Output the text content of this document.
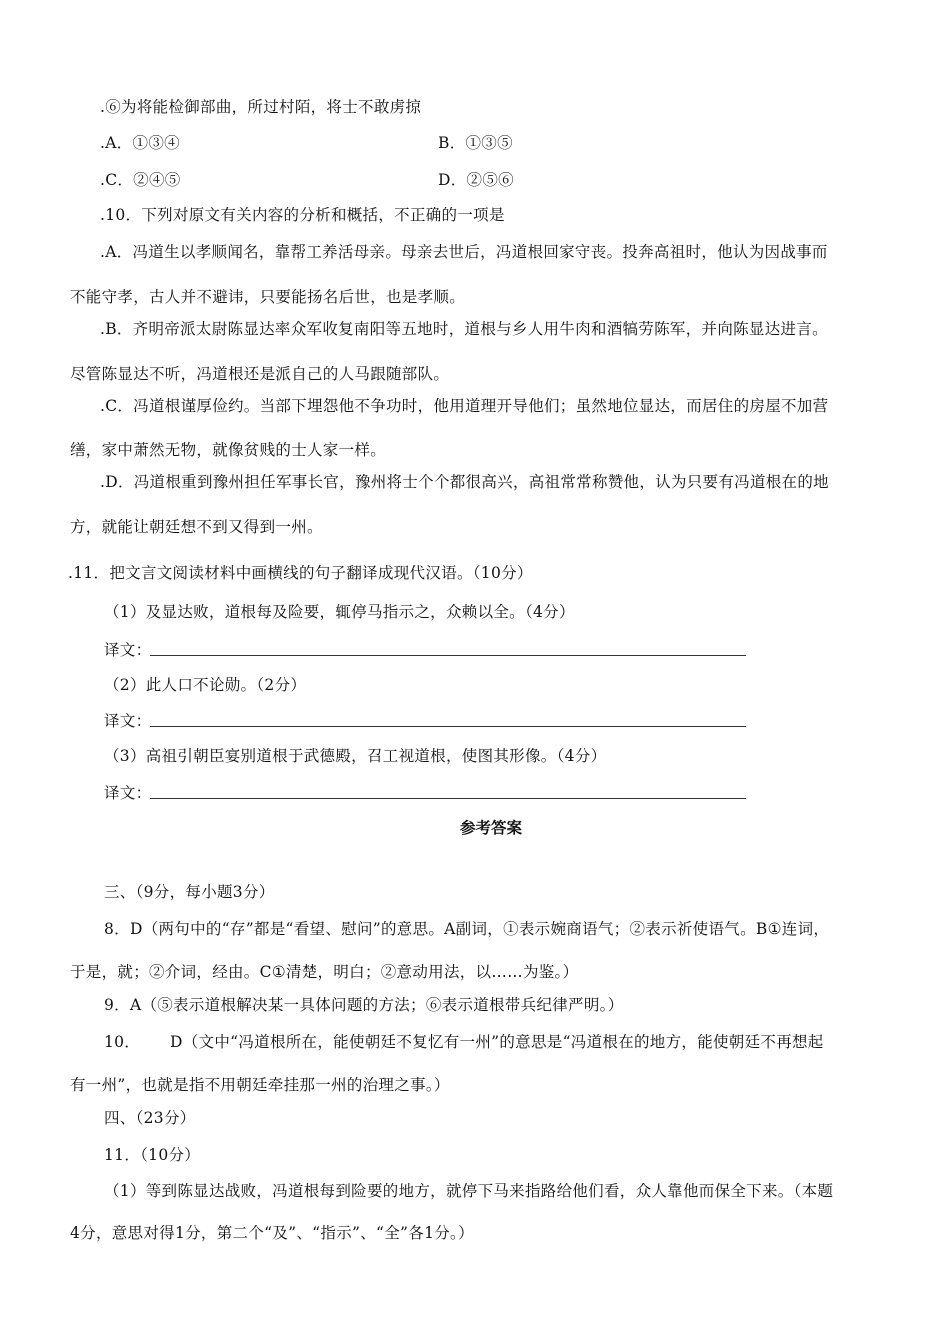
.⑥为将能检御部曲，所过村陌，将士不敢虏掠
.A．①③④	B．①③⑤
.C．②④⑤	D．②⑤⑥
.10．下列对原文有关内容的分析和概括，不正确的一项是
.A．冯道生以孝顺闻名，靠帮工养活母亲。母亲去世后，冯道根回家守丧。投奔高祖时，他认为因战事而
不能守孝，古人并不避讳，只要能扬名后世，也是孝顺。
.B．齐明帝派太尉陈显达率众军收复南阳等五地时，道根与乡人用牛肉和酒犒劳陈军，并向陈显达进言。
尽管陈显达不听，冯道根还是派自己的人马跟随部队。
.C．冯道根谨厚俭约。当部下埋怨他不争功时，他用道理开导他们；虽然地位显达，而居住的房屋不加营
缮，家中萧然无物，就像贫贱的士人家一样。
.D．冯道根重到豫州担任军事长官，豫州将士个个都很高兴，高祖常常称赞他，认为只要有冯道根在的地
方，就能让朝廷想不到又得到一州。
.11．把文言文阅读材料中画横线的句子翻译成现代汉语。（10分）
（1）及显达败，道根每及险要，辄停马指示之，众赖以全。（4分）
译文：
（2）此人口不论勋。（2分）
译文：
（3）高祖引朝臣宴别道根于武德殿，召工视道根，使图其形像。（4分）
译文：
参考答案
三、（9分，每小题3分）
8．D（两句中的“存”都是“看望、慰问”的意思。A副词，①表示婉商语气；②表示祈使语气。B①连词，
于是，就；②介词，经由。C①清楚，明白；②意动用法，以……为鉴。）
9．A（⑤表示道根解决某一具体问题的方法；⑥表示道根带兵纪律严明。）
10． D（文中“冯道根所在，能使朝廷不复忆有一州”的意思是“冯道根在的地方，能使朝廷不再想起
有一州”，也就是指不用朝廷牵挂那一州的治理之事。）
四、（23分）
11．（10分）
（1）等到陈显达战败，冯道根每到险要的地方，就停下马来指路给他们看，众人靠他而保全下来。（本题
4分，意思对得1分，第二个“及”、“指示”、“全”各1分。）
